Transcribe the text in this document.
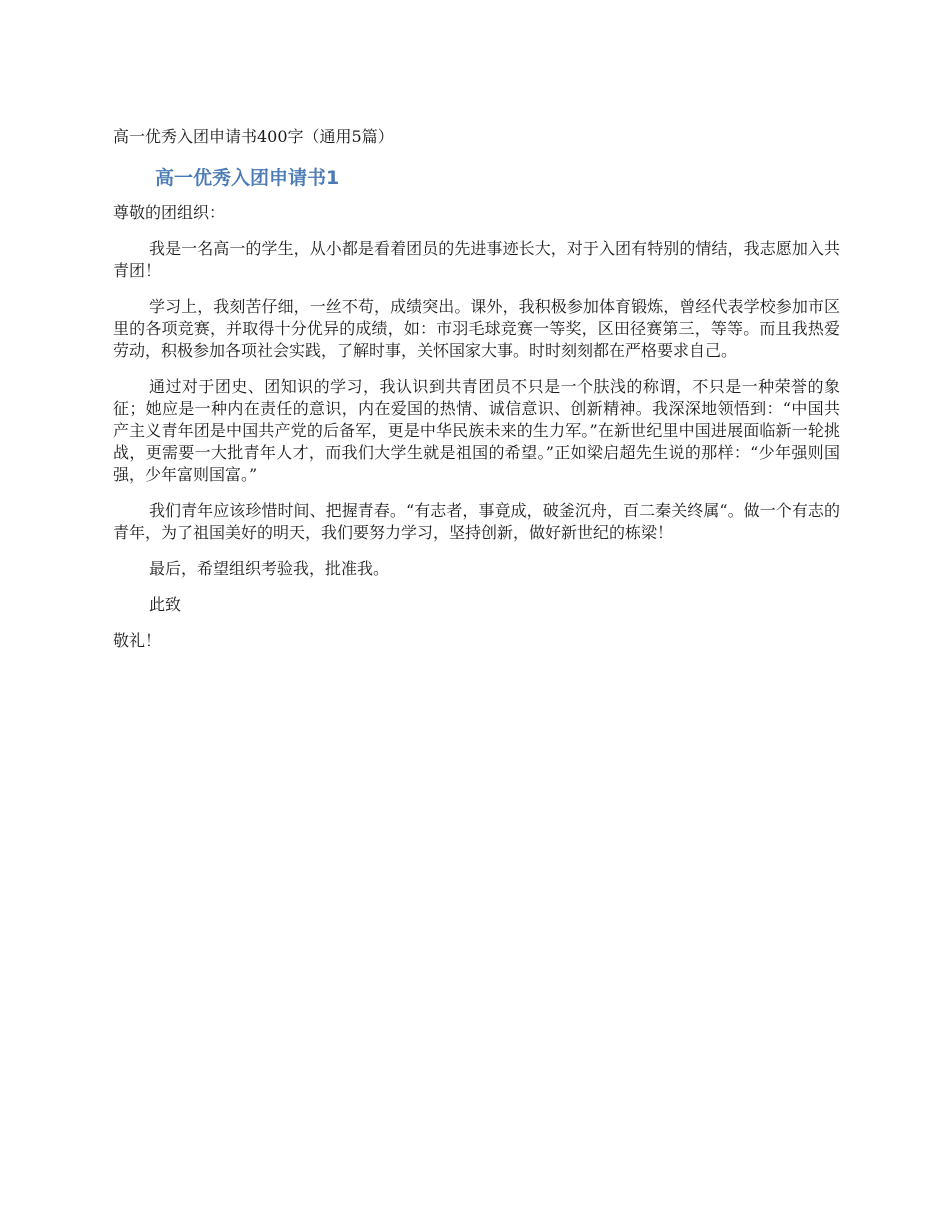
高一优秀入团申请书400字（通用5篇）
高一优秀入团申请书1
尊敬的团组织：
我是一名高一的学生，从小都是看着团员的先进事迹长大，对于入团有特别的情结，我志愿加入共青团！
学习上，我刻苦仔细，一丝不苟，成绩突出。课外，我积极参加体育锻炼，曾经代表学校参加市区里的各项竞赛，并取得十分优异的成绩，如：市羽毛球竞赛一等奖，区田径赛第三，等等。而且我热爱劳动，积极参加各项社会实践，了解时事，关怀国家大事。时时刻刻都在严格要求自己。
通过对于团史、团知识的学习，我认识到共青团员不只是一个肤浅的称谓，不只是一种荣誉的象征；她应是一种内在责任的意识，内在爱国的热情、诚信意识、创新精神。我深深地领悟到：“中国共产主义青年团是中国共产党的后备军，更是中华民族未来的生力军。”在新世纪里中国进展面临新一轮挑战，更需要一大批青年人才，而我们大学生就是祖国的希望。”正如梁启超先生说的那样：“少年强则国强，少年富则国富。”
我们青年应该珍惜时间、把握青春。“有志者，事竟成，破釜沉舟，百二秦关终属“。做一个有志的青年，为了祖国美好的明天，我们要努力学习，坚持创新，做好新世纪的栋梁！
最后，希望组织考验我，批准我。
此致
敬礼！
